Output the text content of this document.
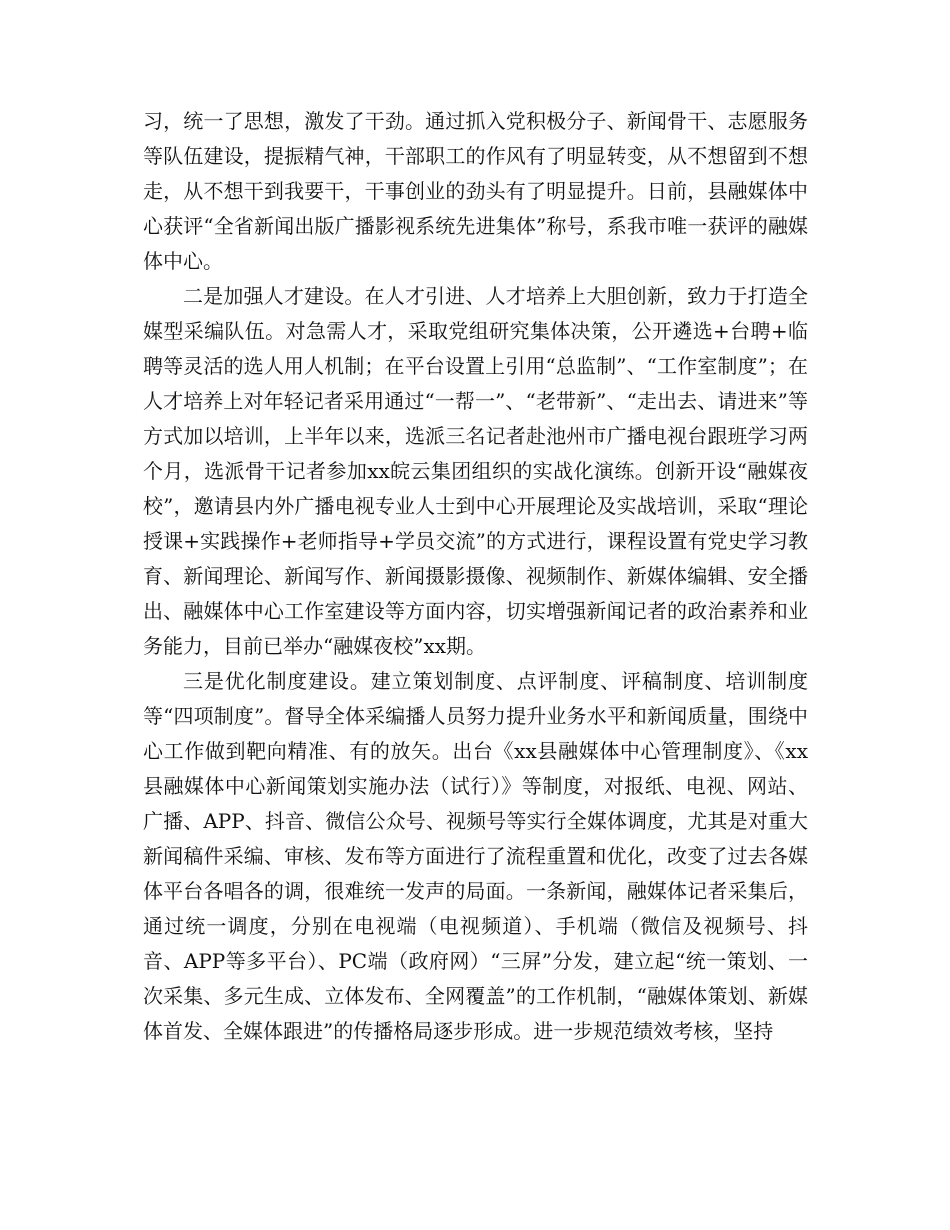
习，统一了思想，激发了干劲。通过抓入党积极分子、新闻骨干、志愿服务等队伍建设，提振精气神，干部职工的作风有了明显转变，从不想留到不想走，从不想干到我要干，干事创业的劲头有了明显提升。日前，县融媒体中心获评“全省新闻出版广播影视系统先进集体”称号，系我市唯一获评的融媒体中心。

二是加强人才建设。在人才引进、人才培养上大胆创新，致力于打造全媒型采编队伍。对急需人才，采取党组研究集体决策，公开遴选+台聘+临聘等灵活的选人用人机制；在平台设置上引用“总监制”、“工作室制度”；在人才培养上对年轻记者采用通过“一帮一”、“老带新”、“走出去、请进来”等方式加以培训，上半年以来，选派三名记者赴池州市广播电视台跟班学习两个月，选派骨干记者参加xx皖云集团组织的实战化演练。创新开设“融媒夜校”，邀请县内外广播电视专业人士到中心开展理论及实战培训，采取“理论授课+实践操作+老师指导+学员交流”的方式进行，课程设置有党史学习教育、新闻理论、新闻写作、新闻摄影摄像、视频制作、新媒体编辑、安全播出、融媒体中心工作室建设等方面内容，切实增强新闻记者的政治素养和业务能力，目前已举办“融媒夜校”xx期。

三是优化制度建设。建立策划制度、点评制度、评稿制度、培训制度等“四项制度”。督导全体采编播人员努力提升业务水平和新闻质量，围绕中心工作做到靶向精准、有的放矢。出台《xx县融媒体中心管理制度》、《xx县融媒体中心新闻策划实施办法（试行）》等制度，对报纸、电视、网站、广播、APP、抖音、微信公众号、视频号等实行全媒体调度，尤其是对重大新闻稿件采编、审核、发布等方面进行了流程重置和优化，改变了过去各媒体平台各唱各的调，很难统一发声的局面。一条新闻，融媒体记者采集后，通过统一调度，分别在电视端（电视频道）、手机端（微信及视频号、抖音、APP等多平台）、PC端（政府网）“三屏”分发，建立起“统一策划、一次采集、多元生成、立体发布、全网覆盖”的工作机制，“融媒体策划、新媒体首发、全媒体跟进”的传播格局逐步形成。进一步规范绩效考核，坚持
